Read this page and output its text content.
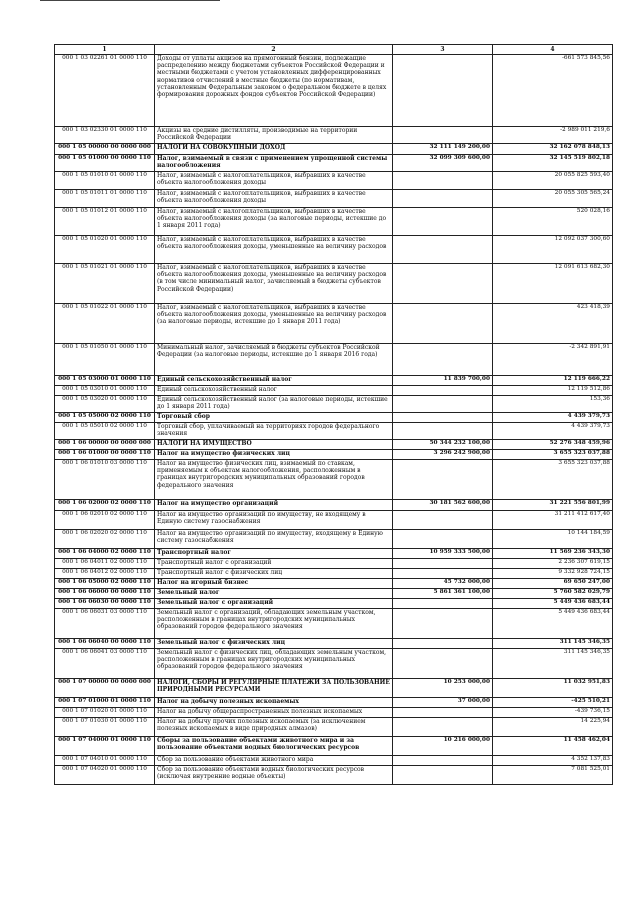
1	2	3	4
000 1 03 02261 01 0000 110	Доходы от уплаты акцизов на прямогонный бензин, подлежащие распределению между бюджетами субъектов Российской Федерации и местными бюджетами с учетом установленных дифференцированных нормативов отчислений в местные бюджеты (по нормативам, установленным Федеральным законом о федеральном бюджете в целях формирования дорожных фондов субъектов Российской Федерации)		-661 573 845,56
000 1 03 02330 01 0000 110	Акцизы на средние дистилляты, производимые на территории Российской Федерации		-2 989 011 219,6
000 1 05 00000 00 0000 000	НАЛОГИ НА СОВОКУПНЫЙ ДОХОД	32 111 149 200,00	32 162 078 848,13
000 1 05 01000 00 0000 110	Налог, взимаемый в связи с применением упрощенной системы налогообложения	32 099 309 600,00	32 145 519 802,18
000 1 05 01010 01 0000 110	Налог, взимаемый с налогоплательщиков, выбравших в качестве объекта налогообложения доходы		20 055 825 593,40
000 1 05 01011 01 0000 110	Налог, взимаемый с налогоплательщиков, выбравших в качестве объекта налогообложения доходы		20 055 305 565,24
000 1 05 01012 01 0000 110	Налог, взимаемый с налогоплательщиков, выбравших в качестве объекта налогообложения доходы (за налоговые периоды, истекшие до 1 января 2011 года)		520 028,16
000 1 05 01020 01 0000 110	Налог, взимаемый с налогоплательщиков, выбравших в качестве объекта налогообложения доходы, уменьшенные на величину расходов		12 092 037 300,60
000 1 05 01021 01 0000 110	Налог, взимаемый с налогоплательщиков, выбравших в качестве объекта налогообложения доходы, уменьшенные на величину расходов (в том числе минимальный налог, зачисляемый в бюджеты субъектов Российской Федерации)		12 091 613 682,30
000 1 05 01022 01 0000 110	Налог, взимаемый с налогоплательщиков, выбравших в качестве объекта налогообложения доходы, уменьшенные на величину расходов (за налоговые периоды, истекшие до 1 января 2011 года)		423 418,39
000 1 05 01050 01 0000 110	Минимальный налог, зачисляемый в бюджеты субъектов Российской Федерации (за налоговые периоды, истекшие до 1 января 2016 года)		-2 342 891,91
000 1 05 03000 01 0000 110	Единый сельскохозяйственный налог	11 839 700,00	12 119 666,22
000 1 05 03010 01 0000 110	Единый сельскохозяйственный налог		12 119 512,86
000 1 05 03020 01 0000 110	Единый сельскохозяйственный налог (за налоговые периоды, истекшие до 1 января 2011 года)		153,36
000 1 05 05000 02 0000 110	Торговый сбор		4 439 379,73
000 1 05 05010 02 0000 110	Торговый сбор, уплачиваемый на территориях городов федерального значения		4 439 379,73
000 1 06 00000 00 0000 000	НАЛОГИ НА ИМУЩЕСТВО	50 344 232 100,00	52 276 348 459,96
000 1 06 01000 00 0000 110	Налог на имущество физических лиц	3 296 242 900,00	3 655 323 037,88
000 1 06 01010 03 0000 110	Налог на имущество физических лиц, взимаемый по ставкам, применяемым к объектам налогообложения, расположенным в границах внутригородских муниципальных образований городов федерального значения		3 655 323 037,88
000 1 06 02000 02 0000 110	Налог на имущество организаций	30 181 562 600,00	31 221 556 801,99
000 1 06 02010 02 0000 110	Налог на имущество организаций по имуществу, не входящему в Единую систему газоснабжения		31 211 412 617,40
000 1 06 02020 02 0000 110	Налог на имущество организаций по имуществу, входящему в Единую систему газоснабжения		10 144 184,59
000 1 06 04000 02 0000 110	Транспортный налог	10 959 333 500,00	11 569 236 343,30
000 1 06 04011 02 0000 110	Транспортный налог с организаций		2 236 307 619,15
000 1 06 04012 02 0000 110	Транспортный налог с физических лиц		9 332 928 724,15
000 1 06 05000 02 0000 110	Налог на игорный бизнес	45 732 000,00	69 650 247,00
000 1 06 06000 00 0000 110	Земельный налог	5 861 361 100,00	5 760 582 029,79
000 1 06 06030 00 0000 110	Земельный налог с организаций		5 449 436 683,44
000 1 06 06031 03 0000 110	Земельный налог с организаций, обладающих земельным участком, расположенным в границах внутригородских муниципальных образований городов федерального значения		5 449 436 683,44
000 1 06 06040 00 0000 110	Земельный налог с физических лиц		311 145 346,35
000 1 06 06041 03 0000 110	Земельный налог с физических лиц, обладающих земельным участком, расположенным в границах внутригородских муниципальных образований городов федерального значения		311 145 346,35
000 1 07 00000 00 0000 000	НАЛОГИ, СБОРЫ И РЕГУЛЯРНЫЕ ПЛАТЕЖИ ЗА ПОЛЬЗОВАНИЕ ПРИРОДНЫМИ РЕСУРСАМИ	10 253 000,00	11 032 951,83
000 1 07 01000 01 0000 110	Налог на добычу полезных ископаемых	37 000,00	-425 510,21
000 1 07 01020 01 0000 110	Налог на добычу общераспространенных полезных ископаемых		-439 736,15
000 1 07 01030 01 0000 110	Налог на добычу прочих полезных ископаемых (за исключением полезных ископаемых в виде природных алмазов)		14 225,94
000 1 07 04000 01 0000 110	Сборы за пользование объектами животного мира и за пользование объектами водных биологических ресурсов	10 216 000,00	11 458 462,04
000 1 07 04010 01 0000 110	Сбор за пользование объектами животного мира		4 352 137,83
000 1 07 04020 01 0000 110	Сбор за пользование объектами водных биологических ресурсов (исключая внутренние водные объекты)		7 081 525,01
